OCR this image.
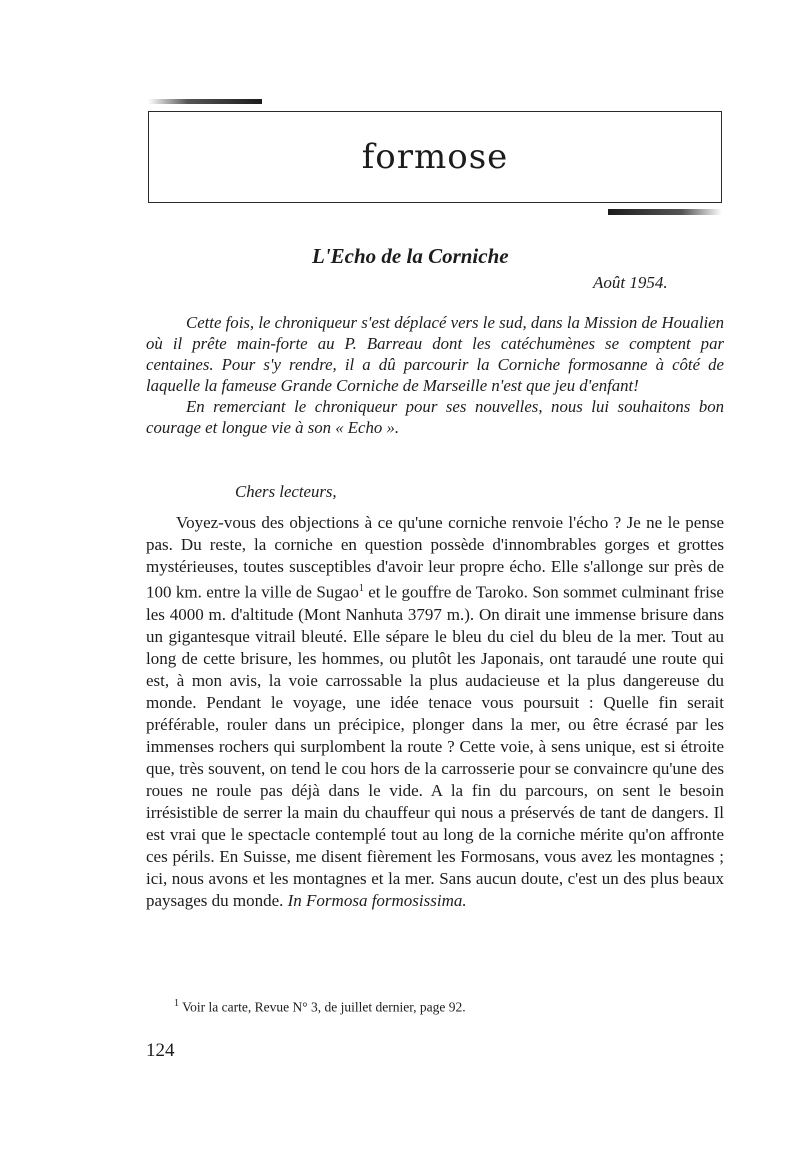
formose
L'Echo de la Corniche
Août 1954.

Cette fois, le chroniqueur s'est déplacé vers le sud, dans la Mission de Houalien où il prête main-forte au P. Barreau dont les catéchumènes se comptent par centaines. Pour s'y rendre, il a dû parcourir la Corniche formosanne à côté de laquelle la fameuse Grande Corniche de Marseille n'est que jeu d'enfant!

En remerciant le chroniqueur pour ses nouvelles, nous lui souhaitons bon courage et longue vie à son « Echo ».

Chers lecteurs,

Voyez-vous des objections à ce qu'une corniche renvoie l'écho ? Je ne le pense pas. Du reste, la corniche en question possède d'innombrables gorges et grottes mystérieuses, toutes susceptibles d'avoir leur propre écho. Elle s'allonge sur près de 100 km. entre la ville de Sugao$^1$ et le gouffre de Taroko. Son sommet culminant frise les 4000 m. d'altitude (Mont Nanhuta 3797 m.). On dirait une immense brisure dans un gigantesque vitrail bleuté. Elle sépare le bleu du ciel du bleu de la mer. Tout au long de cette brisure, les hommes, ou plutôt les Japonais, ont taraudé une route qui est, à mon avis, la voie carrossable la plus audacieuse et la plus dangereuse du monde. Pendant le voyage, une idée tenace vous poursuit : Quelle fin serait préférable, rouler dans un précipice, plonger dans la mer, ou être écrasé par les immenses rochers qui surplombent la route ? Cette voie, à sens unique, est si étroite que, très souvent, on tend le cou hors de la carrosserie pour se convaincre qu'une des roues ne roule pas déjà dans le vide. A la fin du parcours, on sent le besoin irrésistible de serrer la main du chauffeur qui nous a préservés de tant de dangers. Il est vrai que le spectacle contemplé tout au long de la corniche mérite qu'on affronte ces périls. En Suisse, me disent fièrement les Formosans, vous avez les montagnes ; ici, nous avons et les montagnes et la mer. Sans aucun doute, c'est un des plus beaux paysages du monde. In Formosa formosissima.

$^1$ Voir la carte, Revue N° 3, de juillet dernier, page 92.
124
